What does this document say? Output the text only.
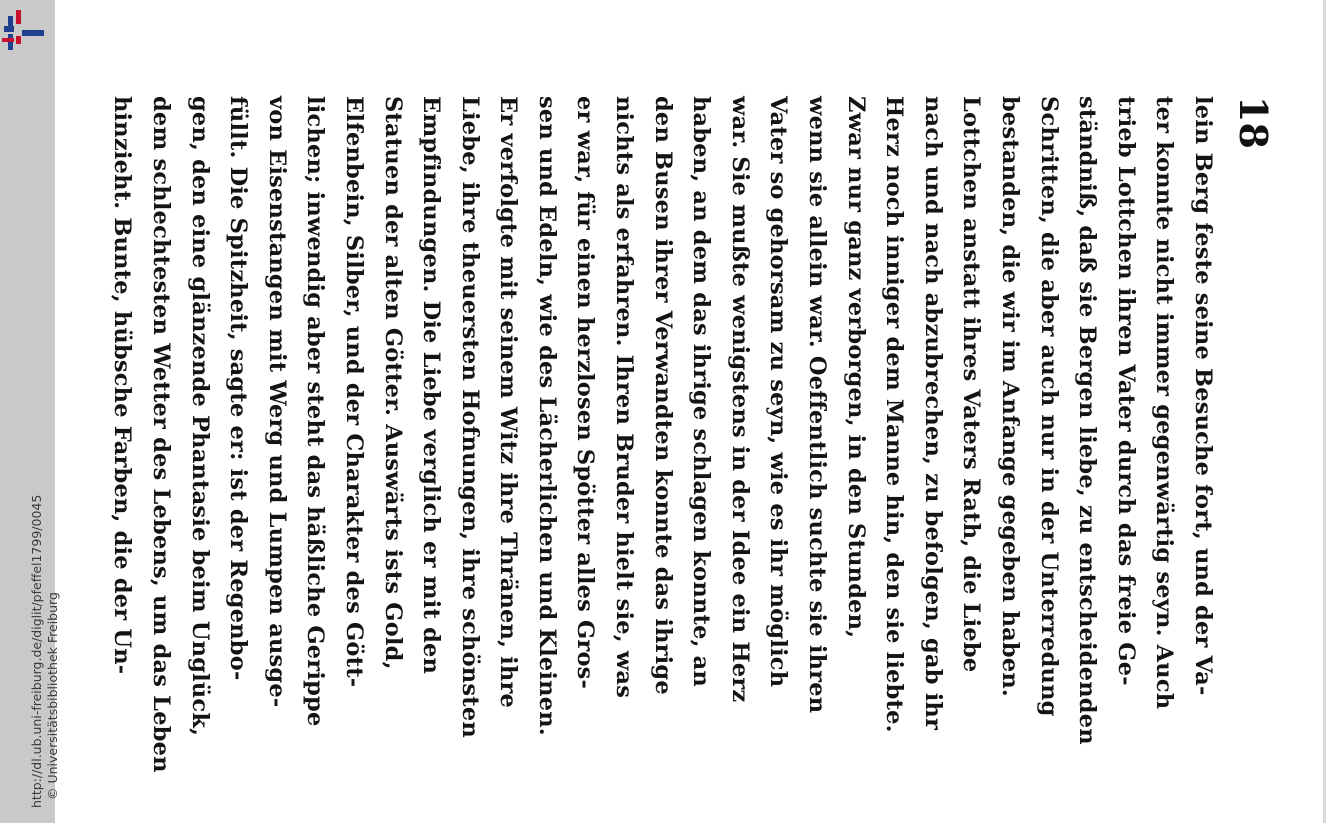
http://dl.ub.uni-freiburg.de/diglit/pfeffel1799/0045 © Universitätsbibliothek Freiburg
18
lein Berg feste seine Besuche fort, und der Va-
ter konnte nicht immer gegenwärtig seyn. Auch
trieb Lottchen ihren Vater durch das freie Ge-
ständniß, daß sie Bergen liebe, zu entscheidenden
Schritten, die aber auch nur in der Unterredung
bestanden, die wir im Anfange gegeben haben.
Lottchen anstatt ihres Vaters Rath, die Liebe
nach und nach abzubrechen, zu befolgen, gab ihr
Herz noch inniger dem Manne hin, den sie liebte.
Zwar nur ganz verborgen, in den Stunden,
wenn sie allein war. Oeffentlich suchte sie ihren
Vater so gehorsam zu seyn, wie es ihr möglich
war. Sie mußte wenigstens in der Idee ein Herz
haben, an dem das ihrige schlagen konnte, an
den Busen ihrer Verwandten konnte das ihrige
nichts als erfahren. Ihren Bruder hielt sie, was
er war, für einen herzlosen Spötter alles Gros-
sen und Edeln, wie des Lächerlichen und Kleinen.
Er verfolgte mit seinem Witz ihre Thränen, ihre
Liebe, ihre theuersten Hofnungen, ihre schönsten
Empfindungen. Die Liebe verglich er mit den
Statuen der alten Götter. Auswärts ists Gold,
Elfenbein, Silber, und der Charakter des Gött-
lichen; inwendig aber steht das häßliche Gerippe
von Eisenstangen mit Werg und Lumpen ausge-
füllt. Die Spitzheit, sagte er: ist der Regenbo-
gen, den eine glänzende Phantasie beim Unglück,
dem schlechtesten Wetter des Lebens, um das Leben
hinzieht. Bunte, hübsche Farben, die der Un-
